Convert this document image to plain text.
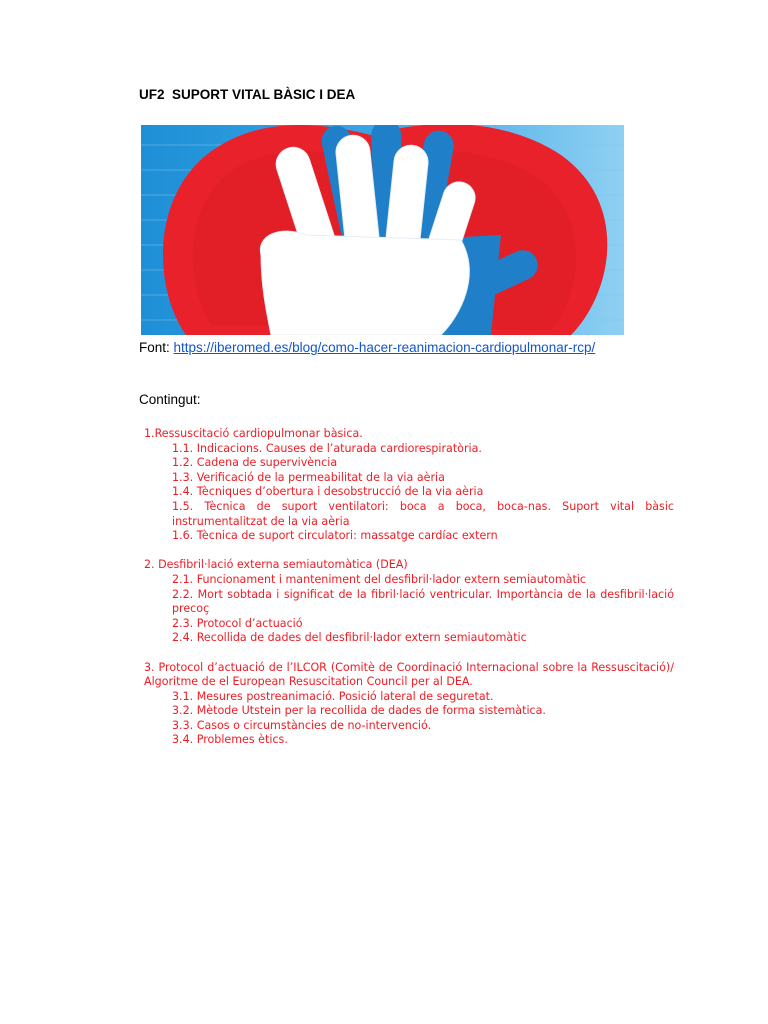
UF2  SUPORT VITAL BÀSIC I DEA
Font: https://iberomed.es/blog/como-hacer-reanimacion-cardiopulmonar-rcp/
Contingut:
1.Ressuscitació cardiopulmonar bàsica.
1.1. Indicacions. Causes de l’aturada cardiorespiratòria.
1.2. Cadena de supervivència
1.3. Verificació de la permeabilitat de la via aèria
1.4. Tècniques d’obertura i desobstrucció de la via aèria
1.5. Tècnica de suport ventilatori: boca a boca, boca-nas. Suport vital bàsic instrumentalitzat de la via aèria
1.6. Tècnica de suport circulatori: massatge cardíac extern
2. Desfibril·lació externa semiautomàtica (DEA)
2.1. Funcionament i manteniment del desfibril·lador extern semiautomàtic
2.2. Mort sobtada i significat de la fibril·lació ventricular. Importància de la desfibril·lació precoç
2.3. Protocol d’actuació
2.4. Recollida de dades del desfibril·lador extern semiautomàtic
3. Protocol d’actuació de l’ILCOR (Comitè de Coordinació Internacional sobre la Ressuscitació)/ Algoritme de el European Resuscitation Council per al DEA.
3.1. Mesures postreanimació. Posició lateral de seguretat.
3.2. Mètode Utstein per la recollida de dades de forma sistemàtica.
3.3. Casos o circumstàncies de no-intervenció.
3.4. Problemes ètics.
